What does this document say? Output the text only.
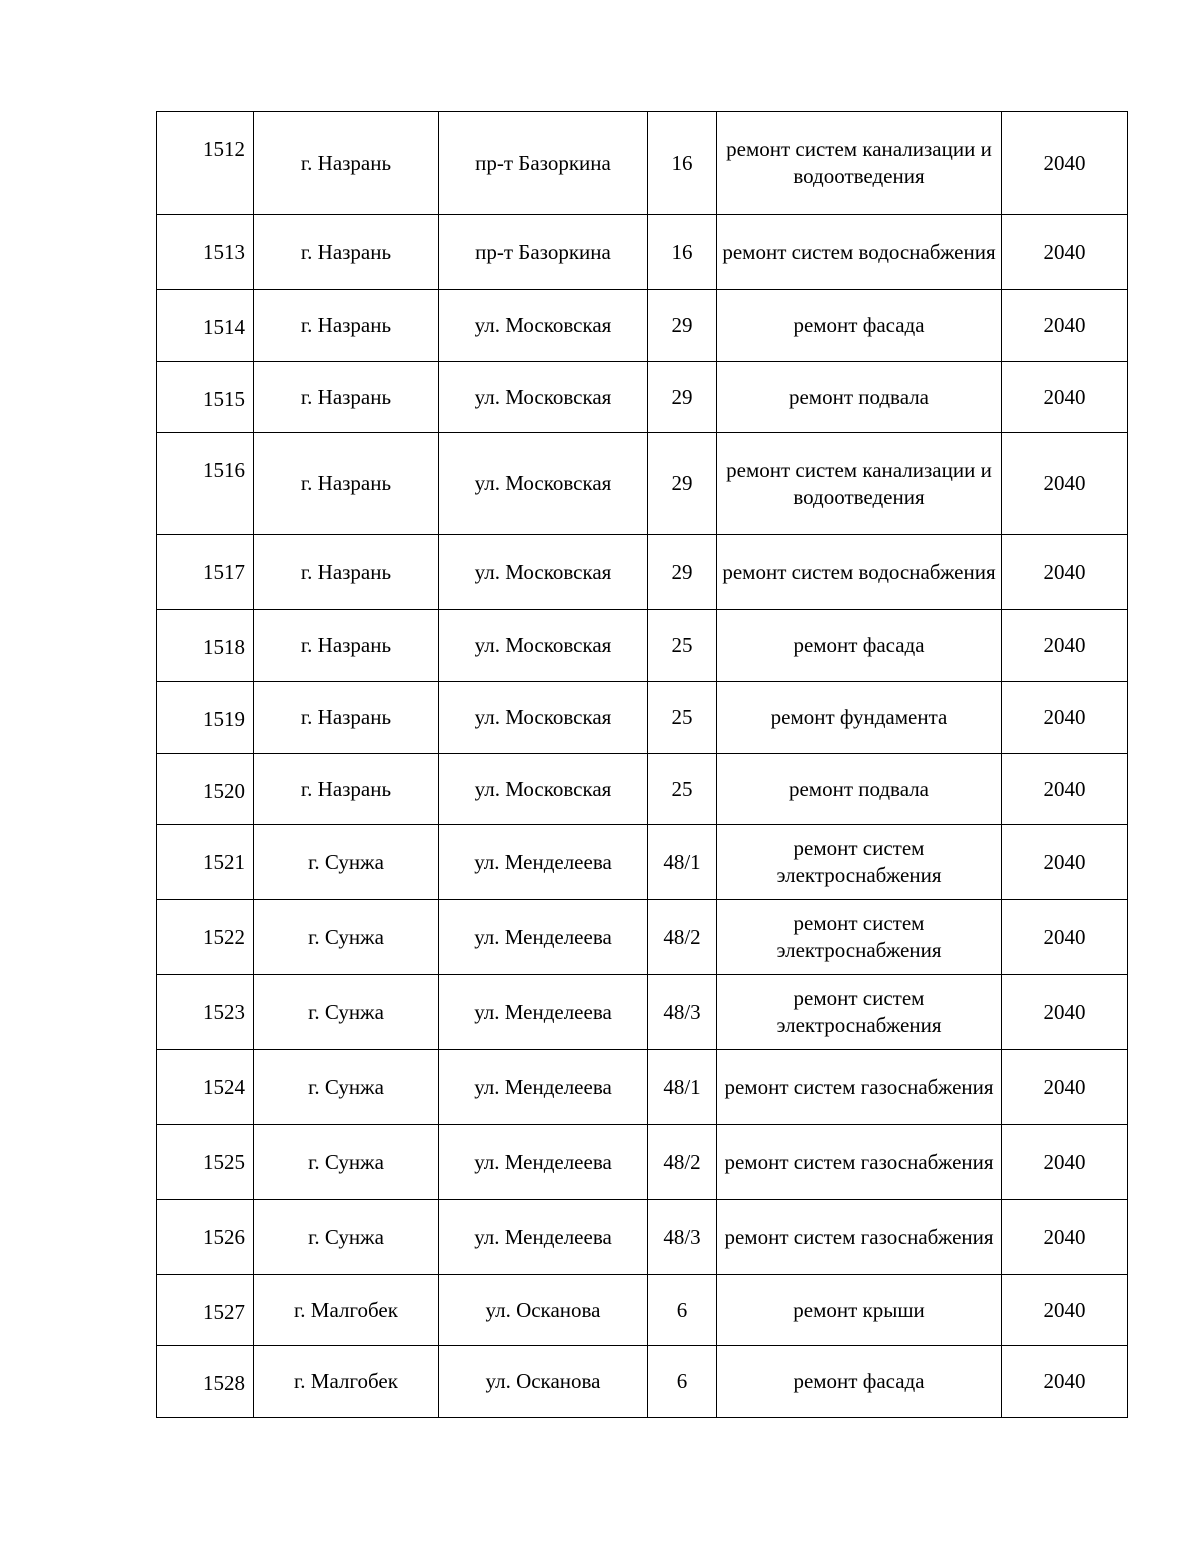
1512	г. Назрань	пр-т Базоркина	16	ремонт систем канализации и водоотведения	2040
1513	г. Назрань	пр-т Базоркина	16	ремонт систем водоснабжения	2040
1514	г. Назрань	ул. Московская	29	ремонт фасада	2040
1515	г. Назрань	ул. Московская	29	ремонт подвала	2040
1516	г. Назрань	ул. Московская	29	ремонт систем канализации и водоотведения	2040
1517	г. Назрань	ул. Московская	29	ремонт систем водоснабжения	2040
1518	г. Назрань	ул. Московская	25	ремонт фасада	2040
1519	г. Назрань	ул. Московская	25	ремонт фундамента	2040
1520	г. Назрань	ул. Московская	25	ремонт подвала	2040
1521	г. Сунжа	ул. Менделеева	48/1	ремонт систем электроснабжения	2040
1522	г. Сунжа	ул. Менделеева	48/2	ремонт систем электроснабжения	2040
1523	г. Сунжа	ул. Менделеева	48/3	ремонт систем электроснабжения	2040
1524	г. Сунжа	ул. Менделеева	48/1	ремонт систем газоснабжения	2040
1525	г. Сунжа	ул. Менделеева	48/2	ремонт систем газоснабжения	2040
1526	г. Сунжа	ул. Менделеева	48/3	ремонт систем газоснабжения	2040
1527	г. Малгобек	ул. Осканова	6	ремонт крыши	2040
1528	г. Малгобек	ул. Осканова	6	ремонт фасада	2040
